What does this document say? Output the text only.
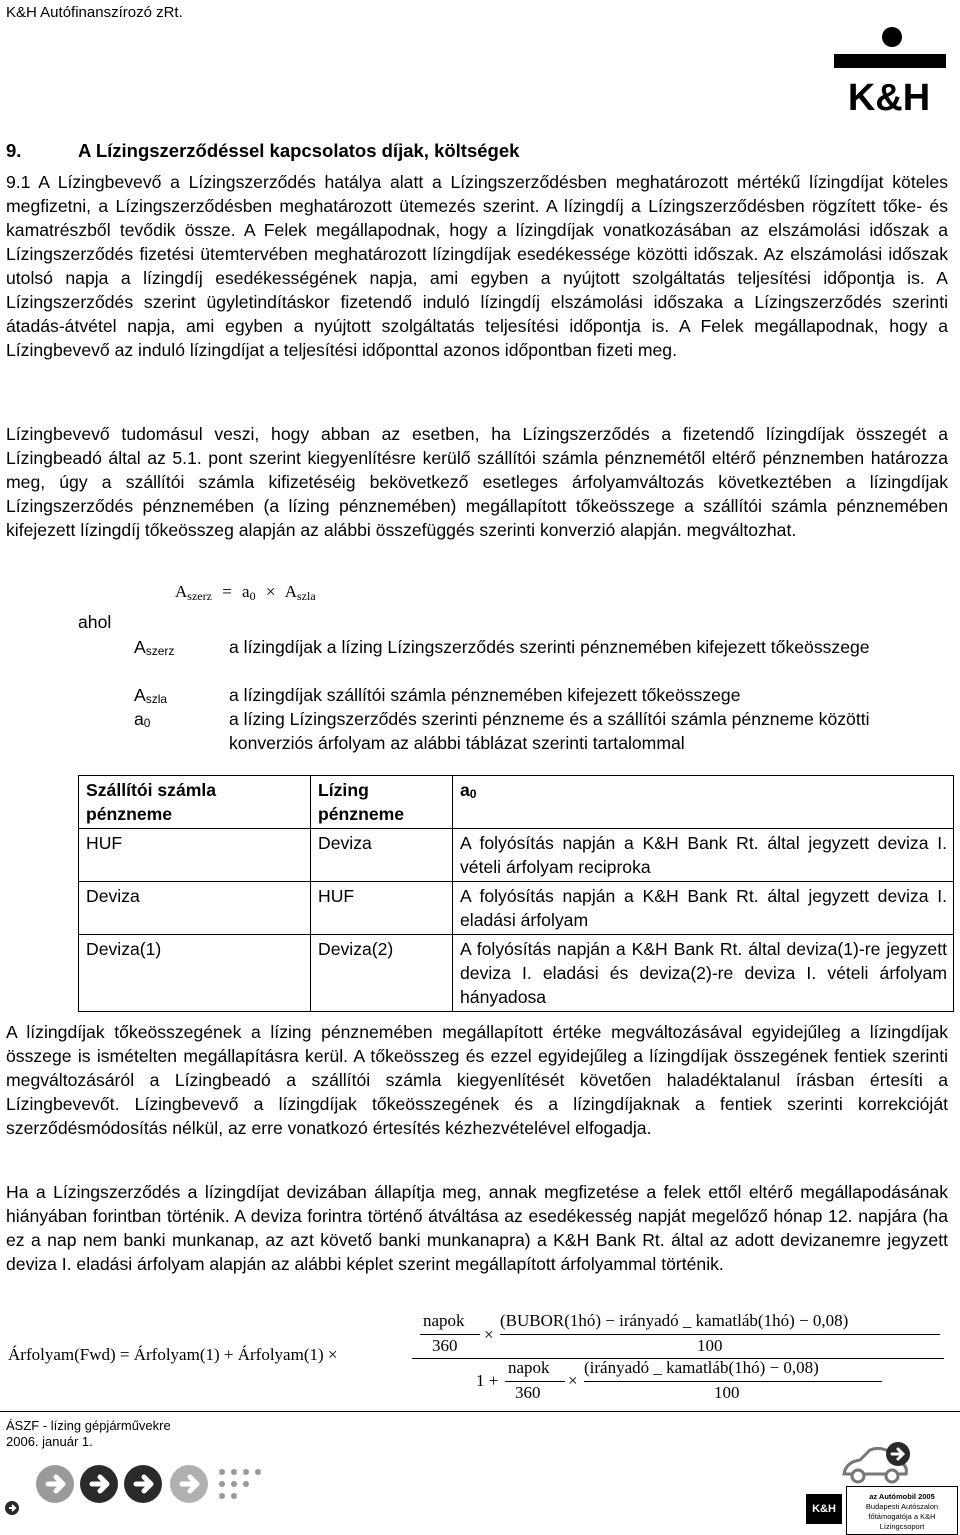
K&H Autófinanszírozó zRt.
K&H
9.	A Lízingszerződéssel kapcsolatos díjak, költségek
9.1 A Lízingbevevő a Lízingszerződés hatálya alatt a Lízingszerződésben meghatározott mértékű lízingdíjat köteles megfizetni, a Lízingszerződésben meghatározott ütemezés szerint. A lízingdíj a Lízingszerződésben rögzített tőke- és kamatrészből tevődik össze. A Felek megállapodnak, hogy a lízingdíjak vonatkozásában az elszámolási időszak a Lízingszerződés fizetési ütemtervében meghatározott lízingdíjak esedékessége közötti időszak. Az elszámolási időszak utolsó napja a lízingdíj esedékességének napja, ami egyben a nyújtott szolgáltatás teljesítési időpontja is. A Lízingszerződés szerint ügyletindításkor fizetendő induló lízingdíj elszámolási időszaka a Lízingszerződés szerinti átadás-átvétel napja, ami egyben a nyújtott szolgáltatás teljesítési időpontja is. A Felek megállapodnak, hogy a Lízingbevevő az induló lízingdíjat a teljesítési időponttal azonos időpontban fizeti meg.
Lízingbevevő tudomásul veszi, hogy abban az esetben, ha Lízingszerződés a fizetendő lízingdíjak összegét a Lízingbeadó által az 5.1. pont szerint kiegyenlítésre kerülő szállítói számla pénznemétől eltérő pénznemben határozza meg, úgy a szállítói számla kifizetéséig bekövetkező esetleges árfolyamváltozás következtében a lízingdíjak Lízingszerződés pénznemében (a lízing pénznemében) megállapított tőkeösszege a szállítói számla pénznemében kifejezett lízingdíj tőkeösszeg alapján az alábbi összefüggés szerinti konverzió alapján. megváltozhat.
$A_{szerz} = a_0 \times A_{szla}$
ahol
$A_{szerz}$	a lízingdíjak a lízing Lízingszerződés szerinti pénznemében kifejezett tőkeösszege
$A_{szla}$	a lízingdíjak szállítói számla pénznemében kifejezett tőkeösszege
$a_0$	a lízing Lízingszerződés szerinti pénzneme és a szállítói számla pénzneme közötti konverziós árfolyam az alábbi táblázat szerinti tartalommal
Szállítói számla pénzneme	Lízing pénzneme	$a_0$
HUF	Deviza	A folyósítás napján a K&H Bank Rt. által jegyzett deviza I. vételi árfolyam reciproka
Deviza	HUF	A folyósítás napján a K&H Bank Rt. által jegyzett deviza I. eladási árfolyam
Deviza(1)	Deviza(2)	A folyósítás napján a K&H Bank Rt. által deviza(1)-re jegyzett deviza I. eladási és deviza(2)-re deviza I. vételi árfolyam hányadosa
A lízingdíjak tőkeösszegének a lízing pénznemében megállapított értéke megváltozásával egyidejűleg a lízingdíjak összege is ismételten megállapításra kerül. A tőkeösszeg és ezzel egyidejűleg a lízingdíjak összegének fentiek szerinti megváltozásáról a Lízingbeadó a szállítói számla kiegyenlítését követően haladéktalanul írásban értesíti a Lízingbevevőt. Lízingbevevő a lízingdíjak tőkeösszegének és a lízingdíjaknak a fentiek szerinti korrekcióját szerződésmódosítás nélkül, az erre vonatkozó értesítés kézhezvételével elfogadja.
Ha a Lízingszerződés a lízingdíjat devizában állapítja meg, annak megfizetése a felek ettől eltérő megállapodásának hiányában forintban történik. A deviza forintra történő átváltása az esedékesség napját megelőző hónap 12. napjára (ha ez a nap nem banki munkanap, az azt követő banki munkanapra) a K&H Bank Rt. által az adott devizanemre jegyzett deviza I. eladási árfolyam alapján az alábbi képlet szerint megállapított árfolyammal történik.
Árfolyam(Fwd) = Árfolyam(1) + Árfolyam(1) ×
napok
360
×
(BUBOR(1hó) − irányadó _ kamatláb(1hó) − 0,08)
100
1 +
napok
360
×
(irányadó _ kamatláb(1hó) − 0,08)
100
ÁSZF - lízing gépjárművekre
2006. január 1.
K&H
az Autómobil 2005
Budapesti Autószalon
főtámogatója a K&H Lízingcsoport
